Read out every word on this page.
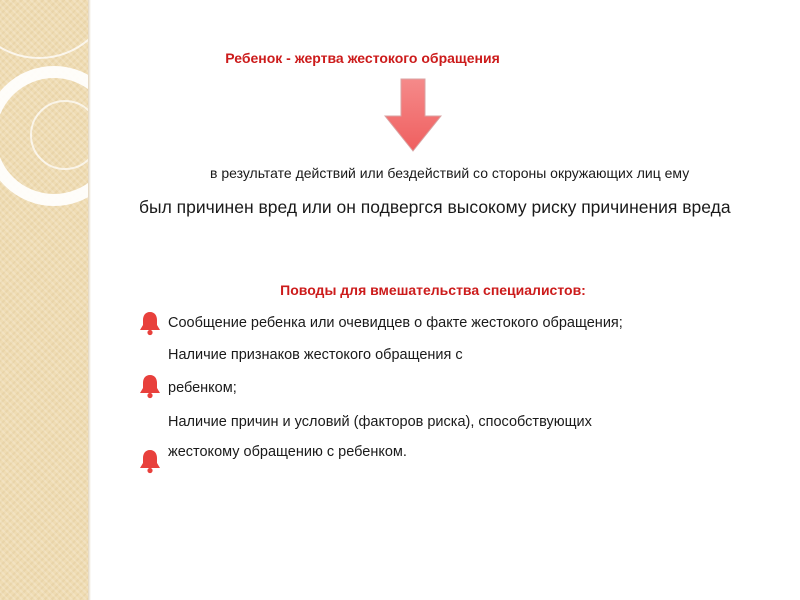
Ребенок - жертва жестокого обращения
в результате действий или бездействий со стороны окружающих лиц ему
был причинен вред или он подвергся высокому риску причинения вреда
Поводы для вмешательства специалистов:
Сообщение ребенка или очевидцев о факте жестокого обращения;
Наличие признаков жестокого обращения с
ребенком;
Наличие причин и условий (факторов риска), способствующих
жестокому обращению с ребенком.
